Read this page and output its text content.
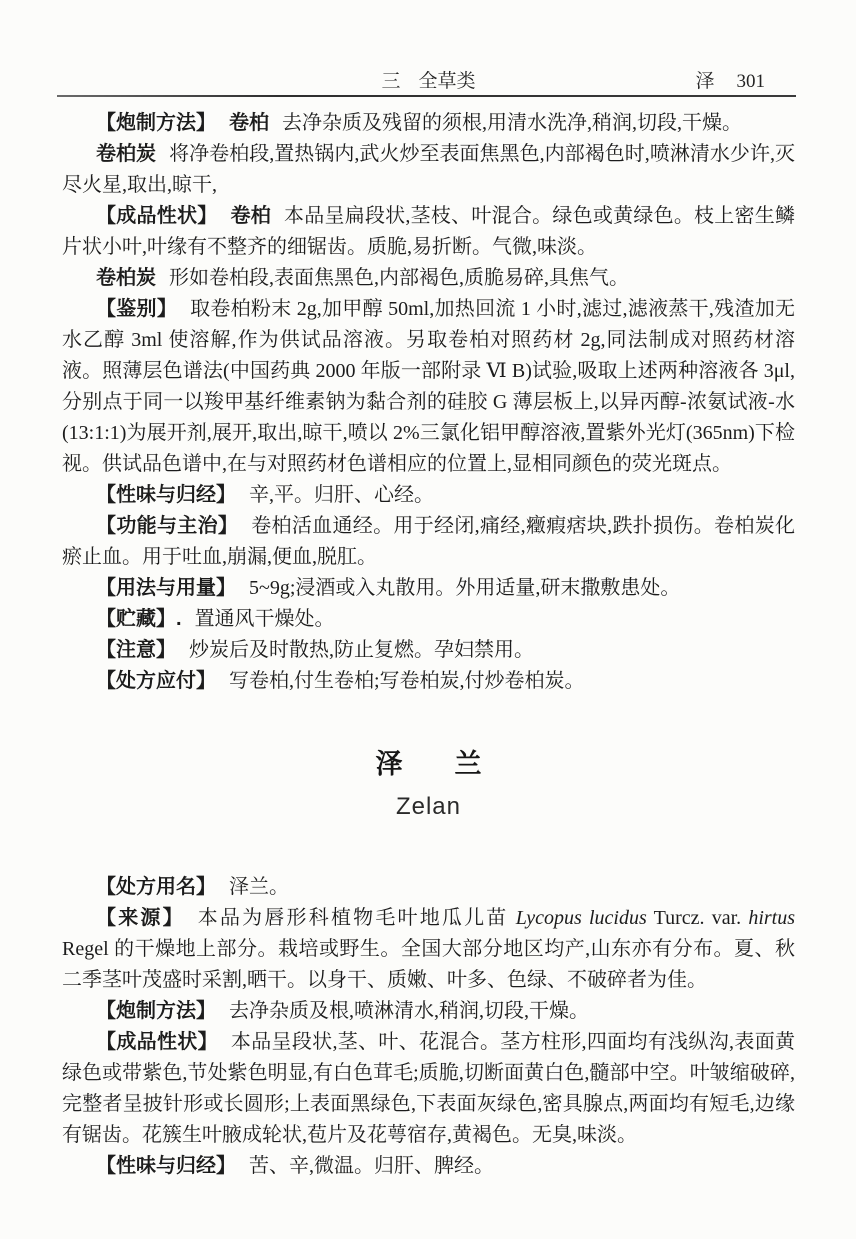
三 全草类	泽 301

【炮制方法】 卷柏 去净杂质及残留的须根,用清水洗净,稍润,切段,干燥。

卷柏炭 将净卷柏段,置热锅内,武火炒至表面焦黑色,内部褐色时,喷淋清水少许,灭尽火星,取出,晾干,

【成品性状】 卷柏 本品呈扁段状,茎枝、叶混合。绿色或黄绿色。枝上密生鳞片状小叶,叶缘有不整齐的细锯齿。质脆,易折断。气微,味淡。

卷柏炭 形如卷柏段,表面焦黑色,内部褐色,质脆易碎,具焦气。

【鉴别】 取卷柏粉末 2g,加甲醇 50ml,加热回流 1 小时,滤过,滤液蒸干,残渣加无水乙醇 3ml 使溶解,作为供试品溶液。另取卷柏对照药材 2g,同法制成对照药材溶液。照薄层色谱法(中国药典 2000 年版一部附录 Ⅵ B)试验,吸取上述两种溶液各 3μl,分别点于同一以羧甲基纤维素钠为黏合剂的硅胶 G 薄层板上,以异丙醇-浓氨试液-水(13:1:1)为展开剂,展开,取出,晾干,喷以 2%三氯化铝甲醇溶液,置紫外光灯(365nm)下检视。供试品色谱中,在与对照药材色谱相应的位置上,显相同颜色的荧光斑点。

【性味与归经】 辛,平。归肝、心经。

【功能与主治】 卷柏活血通经。用于经闭,痛经,癥瘕痞块,跌扑损伤。卷柏炭化瘀止血。用于吐血,崩漏,便血,脱肛。

【用法与用量】 5~9g;浸酒或入丸散用。外用适量,研末撒敷患处。

【贮藏】. 置通风干燥处。

【注意】 炒炭后及时散热,防止复燃。孕妇禁用。

【处方应付】 写卷柏,付生卷柏;写卷柏炭,付炒卷柏炭。

泽 兰
Zelan

【处方用名】 泽兰。

【来源】 本品为唇形科植物毛叶地瓜儿苗 Lycopus lucidus Turcz. var. hirtus Regel 的干燥地上部分。栽培或野生。全国大部分地区均产,山东亦有分布。夏、秋二季茎叶茂盛时采割,晒干。以身干、质嫩、叶多、色绿、不破碎者为佳。

【炮制方法】 去净杂质及根,喷淋清水,稍润,切段,干燥。

【成品性状】 本品呈段状,茎、叶、花混合。茎方柱形,四面均有浅纵沟,表面黄绿色或带紫色,节处紫色明显,有白色茸毛;质脆,切断面黄白色,髓部中空。叶皱缩破碎,完整者呈披针形或长圆形;上表面黑绿色,下表面灰绿色,密具腺点,两面均有短毛,边缘有锯齿。花簇生叶腋成轮状,苞片及花萼宿存,黄褐色。无臭,味淡。

【性味与归经】 苦、辛,微温。归肝、脾经。
